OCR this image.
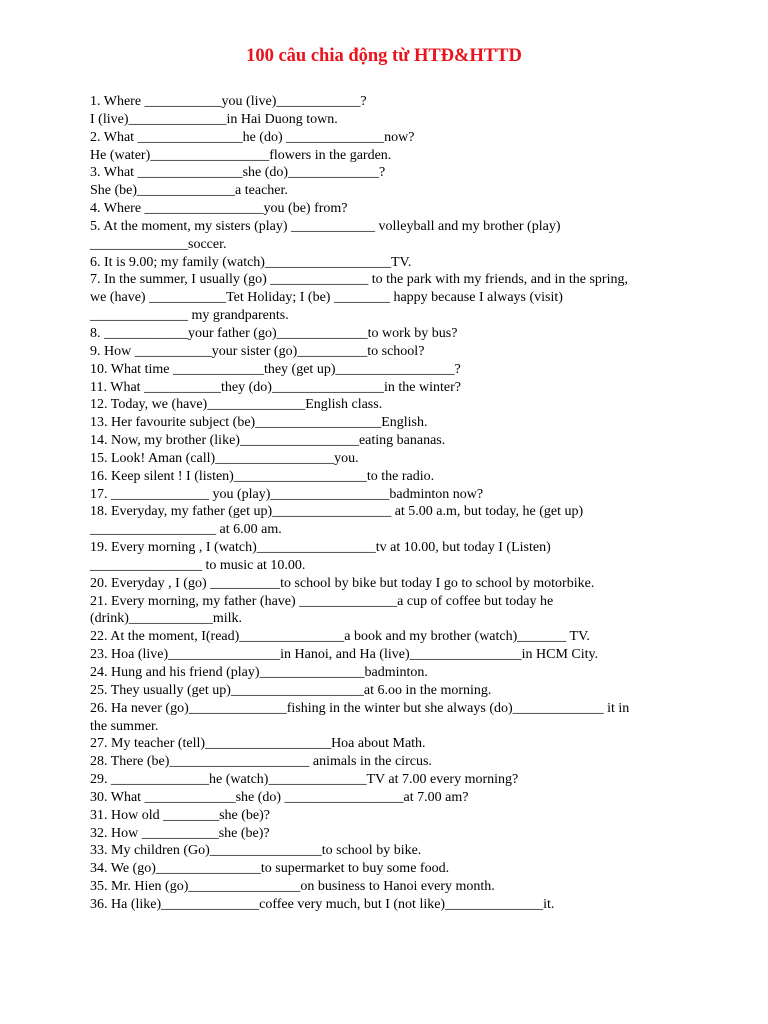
100 câu chia động từ HTĐ&HTTD
1. Where ___________you (live)____________?
I (live)______________in Hai Duong town.
2. What _______________he (do) ______________now?
He (water)_________________flowers in the garden.
3. What _______________she (do)_____________?
She (be)______________a teacher.
4. Where _________________you (be) from?
5. At the moment, my sisters (play) ____________ volleyball and my brother (play)
______________soccer.
6. It is 9.00; my family (watch)__________________TV.
7. In the summer, I usually (go) ______________ to the park with my friends, and in the spring,
we (have) ___________Tet Holiday; I (be) ________ happy because I always (visit)
______________ my grandparents.
8. ____________your father (go)_____________to work by bus?
9. How ___________your sister (go)__________to school?
10. What time _____________they (get up)_________________?
11. What ___________they (do)________________in the winter?
12. Today, we (have)______________English class.
13. Her favourite subject (be)__________________English.
14. Now, my brother (like)_________________eating bananas.
15. Look! Aman (call)_________________you.
16. Keep silent ! I (listen)___________________to the radio.
17. ______________ you (play)_________________badminton now?
18. Everyday, my father (get up)_________________ at 5.00 a.m, but today, he (get up)
__________________ at 6.00 am.
19. Every morning , I (watch)_________________tv at 10.00, but today I (Listen)
________________ to music at 10.00.
20. Everyday , I (go) __________to school by bike but today I go to school by motorbike.
21. Every morning, my father (have) ______________a cup of coffee but today he
(drink)____________milk.
22. At the moment, I(read)_______________a book and my brother (watch)_______ TV.
23. Hoa (live)________________in Hanoi, and Ha (live)________________in HCM City.
24. Hung and his friend (play)_______________badminton.
25. They usually (get up)___________________at 6.oo in the morning.
26. Ha never (go)______________fishing in the winter but she always (do)_____________ it in
the summer.
27. My teacher (tell)__________________Hoa about Math.
28. There (be)____________________ animals in the circus.
29. ______________he (watch)______________TV at 7.00 every morning?
30. What _____________she (do) _________________at 7.00 am?
31. How old ________she (be)?
32. How ___________she (be)?
33. My children (Go)________________to school by bike.
34. We (go)_______________to supermarket to buy some food.
35. Mr. Hien (go)________________on business to Hanoi every month.
36. Ha (like)______________coffee very much, but I (not like)______________it.
